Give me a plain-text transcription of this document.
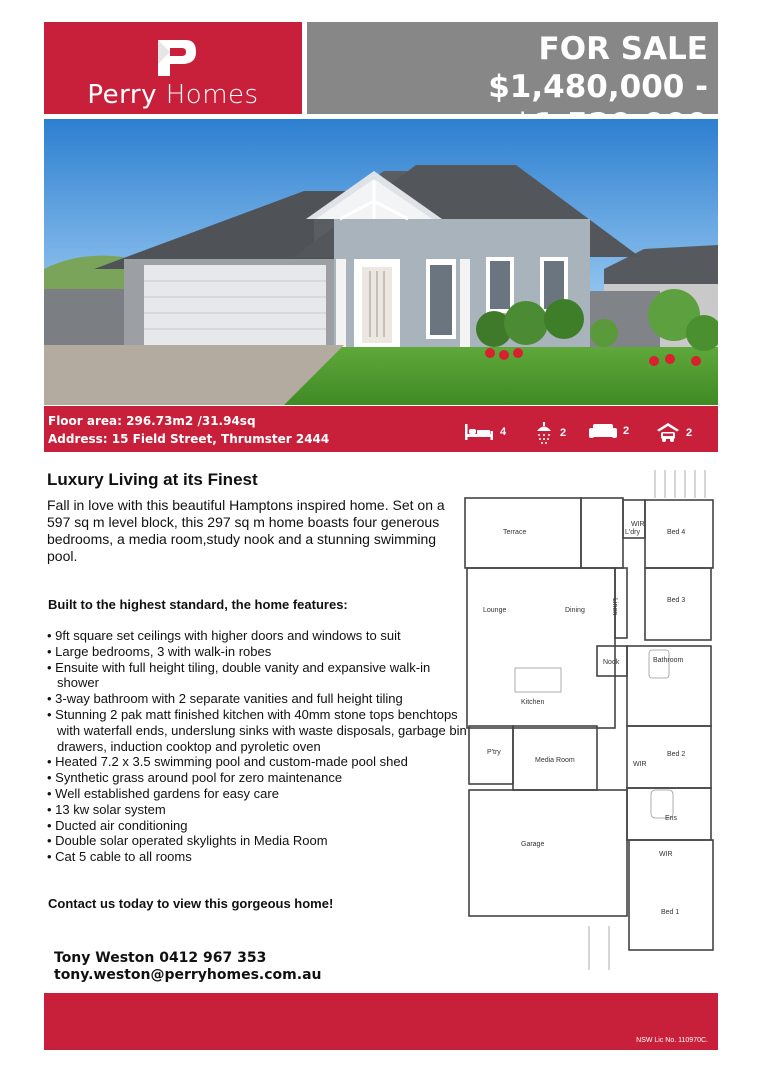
Perry Homes
FOR SALE
$1,480,000 -
Floor area: 296.73m2 /31.94sq
Address: 15 Field Street, Thrumster 2444	4	2	2	2
Luxury Living at its Finest
Fall in love with this beautiful Hamptons inspired home. Set on a 597 sq m level block, this 297 sq m home boasts four generous bedrooms, a media room,study nook and a stunning swimming pool.
Built to the highest standard, the home features:
• 9ft square set ceilings with higher doors and windows to suit
• Large bedrooms, 3 with walk-in robes
• Ensuite with full height tiling, double vanity and expansive walk-in shower
• 3-way bathroom with 2 separate vanities and full height tiling
• Stunning 2 pak matt finished kitchen with 40mm stone tops benchtops with waterfall ends, underslung sinks with waste disposals, garbage bin drawers, induction cooktop and pyroletic oven
• Heated 7.2 x 3.5 swimming pool and custom-made pool shed
• Synthetic grass around pool for zero maintenance
• Well established gardens for easy care
• 13 kw solar system
• Ducted air conditioning
• Double solar operated skylights in Media Room
• Cat 5 cable to all rooms
Contact us today to view this gorgeous home!
Terrace	L'dry
WIR
Bed 4
Bed 3
Lounge	Dining	Linen
Nook	Bathroom
Kitchen
P'try
Media Room
WIR
Bed 2
Ens
Garage
WIR
Bed 1
Tony Weston 0412 967 353
tony.weston@perryhomes.com.au
NSW Lic No. 110970C.
